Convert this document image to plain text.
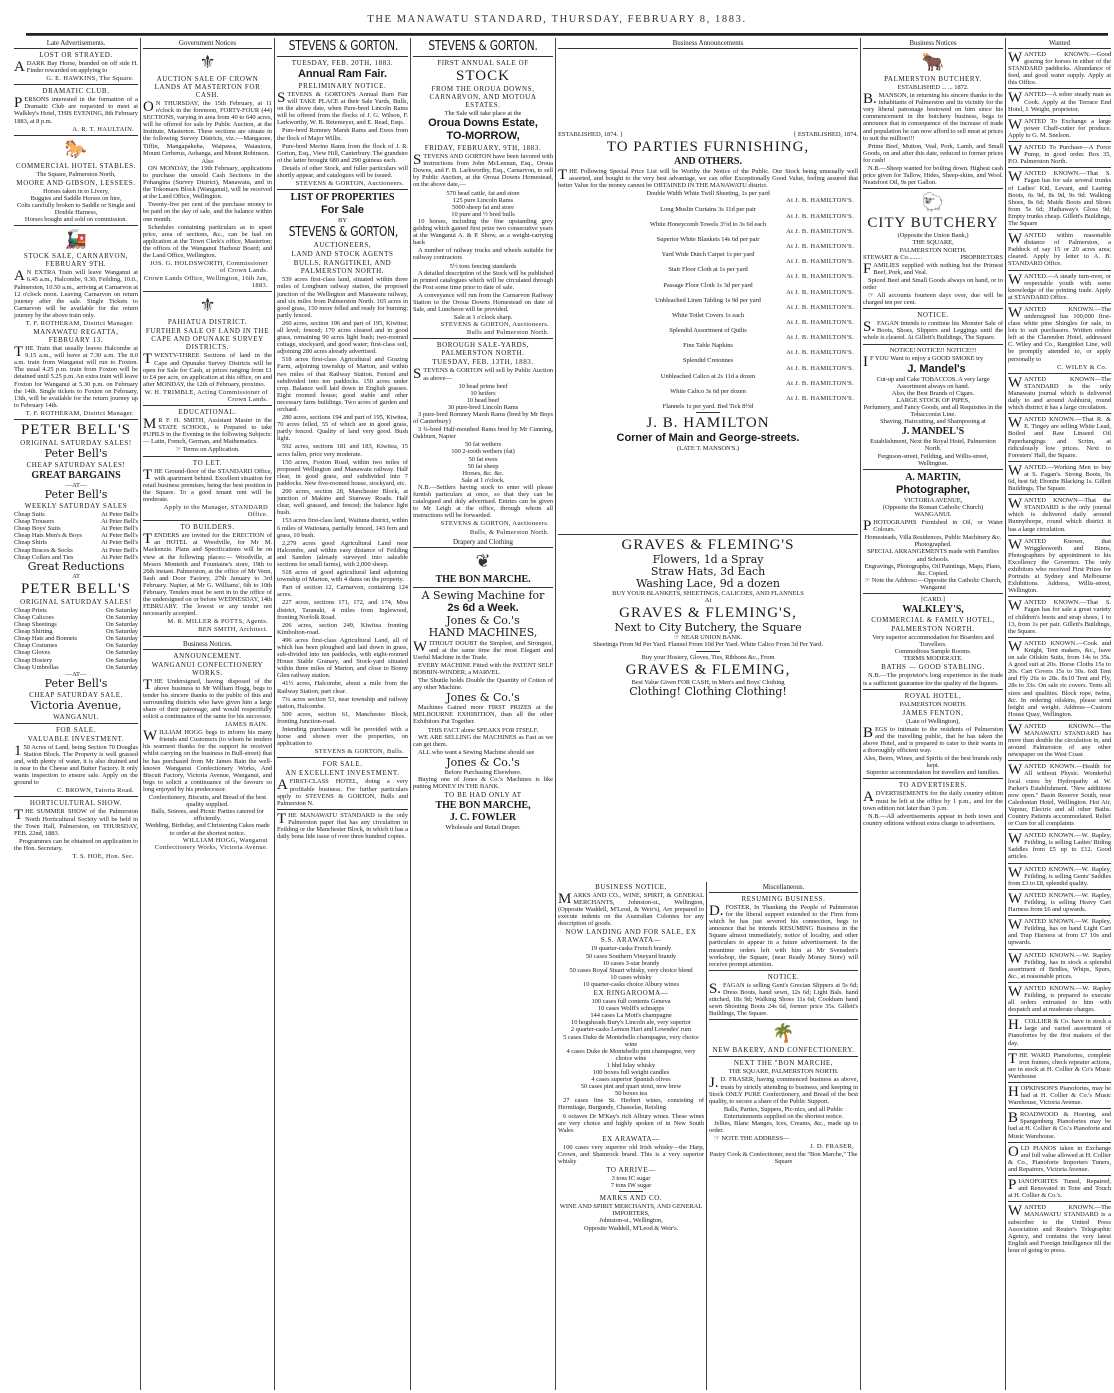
THE MANAWATU STANDARD, THURSDAY, FEBRUARY 8, 1883.
Late Advertisements.
LOST OR STRAYED.
ADARK Bay Horse, branded on off side H. Finder rewarded on applying to
G. E. HAWKINS, The Square.
DRAMATIC CLUB.
PERSONS interested in the formation of a Dramatic Club are requested to meet at Walkley's Hotel, THIS EVENING, 8th February 1883, at 8 p.m.
A. R. T. HAULTAIN.
🐎
COMMERCIAL HOTEL STABLES.
The Square, Palmerston North,
MOORE AND GIBSON, LESSEES.
Horses taken in to Livery,
Buggies and Saddle Horses on hire,
Colts carefully broken to Saddle or Single and Double Harness,
Horses bought and sold on commission.
🚂
STOCK SALE, CARNARVON, FEBRUARY 9TH.
AN EXTRA Train will leave Wanganui at 6.45 a.m., Halcombe, 9.30, Feilding, 10.0., Palmerston, 10.50 a.m., arriving at Carnarvon at 12 o'clock noon. Leaving Carnarvon on return journey after the sale. Single Tickets to Carnarvon will be available for the return journey by the above train only.
T. F. ROTHERAM, District Manager.
MANAWATU REGATTA, FEBRUARY 13.
THE Train that usually leaves Halcombe at 9.15 a.m., will leave at 7.30 a.m. The 8.0 a.m. train from Wanganui will run to Foxton. The usual 4.25 p.m. train from Foxton will be detained until 5.25 p.m. An extra train will leave Foxton for Wanganui at 5.30 p.m. on February the 14th. Single tickets to Foxton on February, 13th, will be available for the return journey up to February 14th.
T. F. ROTHERAM, District Manager.
PETER BELL'S
ORIGINAL SATURDAY SALES!
Peter Bell's
CHEAP SATURDAY SALES!
GREAT BARGAINS
—AT—
Peter Bell's
WEEKLY SATURDAY SALES
Cheap Suits	At Peter Bell's
Cheap Trousers	At Peter Bell's
Cheap Boys' Suits	At Peter Bell's
Cheap Hats Men's & Boys	At Peter Bell's
Cheap Shirts	At Peter Bell's
Cheap Braces & Socks	At Peter Bell's
Cheap Collars and Ties	At Peter Bell's
Great Reductions
AT
PETER BELL'S
ORIGINAL SATURDAY SALES!
Cheap Prints	On Saturday
Cheap Calicoes	On Saturday
Cheap Sheetings	On Saturday
Cheap Shirting	On Saturday
Cheap Hats and Bonnets	On Saturday
Cheap Costumes	On Saturday
Cheap Gloves	On Saturday
Cheap Hosiery	On Saturday
Cheap Umbrellas	On Saturday
—AT—
Peter Bell's
CHEAP SATURDAY SALE.
Victoria Avenue,
WANGANUI.
FOR SALE.
VALUABLE INVESTMENT.
150 Acres of Land, being Section 70 Douglas Station Block. The Property is well grassed and, with plenty of water, it is also drained and is near to the Cheese and Butter Factory. It only wants inspection to ensure sale. Apply on the ground to
C. BROWN, Taioria Road.
HORTICULTURAL SHOW.
THE SUMMER SHOW of the Palmerston North Horticultural Society will be held in the Town Hall, Palmerston, on THURSDAY, FEB. 22nd, 1883.
Programmes can be obtained on application to the Hon. Secretary.
T. S. HOE, Hon. Sec.
Government Notices
⚜
AUCTION SALE OF CROWN LANDS AT MASTERTON FOR CASH.
ON THURSDAY, the 15th February, at 11 o'clock in the forenoon, FORTY-FOUR (44) SECTIONS, varying in area from 40 to 640 acres, will be offered for sale by Public Auction, at the Institute, Masterton. These sections are situate in the following Survey Districts, viz.:—Mangaone, Tiffin, Mangapakeha, Waipawa, Waiauiora, Mount Cerberus, Aohanga, and Mount Robinson.
Also
ON MONDAY, the 19th February, applications to purchase the unsold Cash Sections in the Pohangina (Survey District), Manawatu, and in the Tokomaru Block (Wanganui), will be received at the Land Office, Wellington.
Twenty-five per cent of the purchase money to be paid on the day of sale, and the balance within one month.
Schedules containing particulars as to upset price, area of sections, &c., can be had on application at the Town Clerk's office, Masterton; the offices of the Wanganui Harbour Board; and the Land Office, Wellington.
JOS. G. HOLDSWORTH, Commissioner of Crown Lands.
Crown Lands Office, Wellington, 16th Jan, 1883.
⚜
PAHIATUA DISTRICT.
FURTHER SALE OF LAND IN THE CAPE AND OPUNAKE SURVEY DISTRICTS.
TWENTY-THREE Sections of land in the Cape and Opunake Survey Districts will be open for Sale for Cash, at prices ranging from £1 to £4 per acre, on application at this office, on and after MONDAY, the 12th of February, proximo.
W. H. TRIMBLE, Acting Commissioner of Crown Lands.
EDUCATIONAL.
MR F. H. SMITH, Assistant Master in the STATE SCHOOL, is Prepared to take PUPILS in the Evening in the following Subjects:— Latin, French, German, and Mathematics.
☞ Terms on Application.
TO LET.
THE Ground-floor of the STANDARD Office, with apartment behind. Excellent situation for retail business premises, being the best position in the Square. To a good tenant rent will be moderate.
Apply to the Manager, STANDARD Office.
TO BUILDERS.
TENDERS are invited for the ERECTION of an HOTEL at Woodville, for Mr M. Mackenzie. Plans and Specifications will be on view at the following places:— Woodville, at Messrs Monteith and Fountaine's store, 19th to 26th instant. Palmerston, at the office of Mr Venn, Sash and Door Factory, 27th January to 3rd February. Napier, at Mr G. Williams', 6th to 10th February. Tenders must be sent in to the office of the undersigned on or before WEDNESDAY, 14th FEBRUARY. The lowest or any tender not necessarily accepted.
M. R. MILLER & POTTS, Agents.
BEN SMITH, Architect.
Business Notices.
ANNOUNCEMENT.
WANGANUI CONFECTIONERY WORKS.
THE Undersigned, having disposed of the above business to Mr William Hogg, begs to tender his sincere thanks to the public of this and surrounding districts who have given him a large share of their patronage, and would respectfully solicit a continuance of the same for his successor.
JAMES BAIN.
WILLIAM HOGG begs to inform his many friends and Customers (to whom he tenders his warmest thanks for the support he received whilst carrying on the business in Bull-street) that he has purchased from Mr James Bain the well-known Wanganui Confectionery Works, And Biscuit Factory, Victoria Avenue, Wanganui, and begs to solicit a continuance of the favours so long enjoyed by his predecessor.
Confectionery, Biscuits, and Bread of the best quality supplied.
Balls, Soirees, and Picnic Parties catered for efficiently.
Wedding, Birthday, and Christening Cakes made to order at the shortest notice.
WILLIAM HOGG, Wanganui Confectionery Works, Victoria Avenue.
STEVENS & GORTON.
TUESDAY, FEB. 20TH, 1883.
Annual Ram Fair.
PRELIMINARY NOTICE.
STEVENS & GORTON'S Annual Ram Fair will TAKE PLACE at their Sale Yards, Bulls, on the above date, when Pure-bred Lincoln Rams will be offered from the flocks of J. G. Wilson, F. Larkworthy, W. B. Retemeyer, and E. Read, Esqs.
Pure-bred Romney Marsh Rams and Ewes from the flock of Major Willis.
Pure-bred Merino Rams from the flock of J. R. Gorton, Esq., View Hill, Canterbury. The grandsire of the latter brought 680 and 290 guineas each.
Details of other Stock, and fuller particulars will shortly appear, and catalogues will be issued.
STEVENS & GORTON, Auctioneers.
LIST OF PROPERTIES
For Sale
BY
STEVENS & GORTON,
AUCTIONEERS,
LAND AND STOCK AGENTS
BULLS, RANGITIKEI, AND PALMERSTON NORTH.
539 acres first-class land, situated within three miles of Longburn railway station, the proposed junction of the Wellington and Manawatu railway, and six miles from Palmerston North. 165 acres in good grass, 150 more felled and ready for burning; partly fenced.
260 acres, section 196 and part of 195, Kiwitea; all level; fenced; 170 acres cleared and in good grass, remaining 90 acres light bush; two-roomed cottage, stockyard, and good water; first-class soil, adjoining 280 acres already advertised.
518 acres first-class Agricultural and Grazing Farm, adjoining township of Marton, and within two miles of that Railway Station. Fenced and subdivided into ten paddocks. 150 acres under crop. Balance well laid down in English grasses. Eight roomed house; good stable and other necessary farm buildings. Two acres of garden and orchard.
280 acres, sections 194 and part of 195, Kiwitea, 70 acres felled, 55 of which are in good grass, partly fenced. Quality of land very good. Bush light.
592 acres, sections 181 and 183, Kiwitea, 15 acres fallen, price very moderate.
150 acres, Foxton Road, within two miles of proposed Wellington and Manawatu railway. Half clear, in good grass, and subdivided into 7 paddocks. New five-roomed house, stockyard, etc.
200 acres, section 28, Manchester Block, at junction of Makino and Stanway Roads. Half clear, well grassed, and fenced; the balance light bush.
153 acres first-class land, Waituna district, within 6 miles of Waitotara, partially fenced, 143 fern and grass, 10 bush.
2,279 acres good Agricultural Land near Halcombe, and within easy distance of Feilding and Sandon (already surveyed into saleable sections for small farms), with 2,000 sheep.
518 acres of good agricultural land adjoining township of Marton, with 4 dams on the property.
Part of section 12, Carnarvon, containing 124 acres.
227 acres, sections 171, 172, and 174, Moa district, Taranaki, 4 miles from Inglewood, fronting Norfolk Road.
206 acres, section 249, Kiwitea fronting Kimbolton-road.
496 acres first-class Agricultural Land, all of which has been ploughed and laid down in grass, sub-divided into ten paddocks, with eight-roomed House Stable Granary, and Stock-yard situated within three miles of Marton, and close to Bonny Glen railway station.
41½ acres, Halcombe, about a mile from the Railway Station, part clear.
7¼ acres section 53, near township and railway station, Halcombe.
500 acres, section 61, Manchester Block, fronting Junction-road.
Intending purchasers will be provided with a horse and shown over the properties, on application to
STEVENS & GORTON, Bulls.
FOR SALE.
AN EXCELLENT INVESTMENT.
AFIRST-CLASS HOTEL, doing a very profitable business. For further particulars apply to STEVENS & GORTON, Bulls and Palmerston N.
THE MANAWATU STANDARD is the only Palmerston paper that has any circulation in Feilding or the Manchester Block, in which it has a daily bona fide issue of over three hundred copies.
STEVENS & GORTON.
FIRST ANNUAL SALE OF
STOCK
FROM THE OROUA DOWNS, CARNARVON, AND MOTOUA ESTATES.
The Sale will take place at the
Oroua Downs Estate,
TO-MORROW,
FRIDAY, FEBRUARY, 9TH, 1883.
STEVENS AND GORTON have been favored with instructions from John McLennan, Esq., Oroua Downs, and F. B. Larkworthy, Esq., Carnarvon, to sell by Public Auction, at the Oroua Downs Homestead, on the above date,—
570 head cattle, fat and store
125 pure Lincoln Rams
5000 sheep fat and store
10 pure and ½ bred bulls
10 horses, including the fine upstanding grey gelding which gained first prize two consecutive years at the Wanganui A. & P. Show, as a weight-carrying hack
A number of railway trucks and wheels suitable for railway contractors
5½ tons fencing standards
A detailed description of the Stock will be published in printed catalogues which will be circulated through the Post some time prior to date of sale.
A conveyance will run from the Carnarvon Railway Station to the Oroua Downs Homestead on date of Sale, and Luncheon will be provided.
Sale at 1 o'clock sharp.
STEVENS & GORTON, Auctioneers.
Bulls and Palmerston North.
BOROUGH SALE-YARDS, PALMERSTON NORTH.
TUESDAY, FEB. 13TH, 1883.
STEVENS & GORTON will sell by Public Auction as above—
10 head prime beef
10 heifers
10 head beef
30 pure-bred Lincoln Rams
3 pure-bred Romney Marsh Rams (bred by Mr Boys of Canterbury)
3 ¾-bred Half-mouthed Rams bred by Mr Cunning, Oakburn, Napier
50 fat wethers
100 2-tooth wethers (fat)
50 fat ewes
50 fat sheep
Horses, &c. &c.
Sale at 1 o'clock.
N.B.—Settlers having stock to enter will please furnish particulars at once, so that they can be catalogued and duly advertised. Entries can be given to Mr Leigh at the office, through whom all instructions will be forwarded.
STEVENS & GORTON, Auctioneers.
Bulls, & Palmerston North.
Drapery and Clothing
❦
THE BON MARCHE.
A Sewing Machine for
2s 6d a Week.
Jones & Co.'s
HAND MACHINES,
WITHOUT DOUBT the Simplest, and Strongest, and at the same time the most Elegant and Useful Machine in the Trade.
EVERY MACHINE Fitted with the PATENT SELF BOBBIN-WINDER, a MARVEL.
The Shuttle holds Double the Quantity of Cotton of any other Machine.
Jones & Co.'s
Machines Gained more FIRST PRIZES at the MELBOURNE EXHIBITION, than all the other Exhibitors Put Together.
THIS FACT alone SPEAKS FOR ITSELF.
WE ARE SELLING the MACHINES as Fast as we can get them.
ALL who want a Sewing Machine should see
Jones & Co.'s
Before Purchasing Elsewhere.
Buying one of Jones & Co.'s Machines is like putting MONEY IN THE BANK.
TO BE HAD ONLY AT
THE BON MARCHE,
J. C. FOWLER
Wholesale and Retail Draper.
Business Announcements
ESTABLISHED, 1874. }	{ ESTABLISHED, 1874.
TO PARTIES FURNISHING,
AND OTHERS.
THE Following Special Price List will be Worthy the Notice of the Public. Our Stock being unusually well assorted, and bought to the very best advantage, we can offer Exceptionally Good Value, feeling assured that better Value for the money cannot be OBTAINED IN THE MANAWATU district.
Double Width White Twill Sheeting, 1s per yard
At J. B. HAMILTON'S.
Long Muslin Curtains 3s 11d per pair
At J. B. HAMILTON'S.
White Honeycomb Towels 3½d to 3s 6d each
At J. B. HAMILTON'S.
Superior White Blankets 14s 6d per pair
At J. B. HAMILTON'S.
Yard Wide Dutch Carpet 1s per yard
At J. B. HAMILTON'S.
Stair Floor Cloth at 1s per yard
At J. B. HAMILTON'S.
Passage Floor Cloth 1s 3d per yard
At J. B. HAMILTON'S.
Unbleached Linen Tabling 1s 9d per yard
At J. B. HAMILTON'S.
White Toilet Covers 1s each
At J. B. HAMILTON'S.
Splendid Assortment of Quilts
At J. B. HAMILTON'S.
Fine Table Napkins
At J. B. HAMILTON'S.
Splendid Cretonnes
At J. B. HAMILTON'S.
Unbleached Calico at 2s 11d a dozen
At J. B. HAMILTON'S.
White Calico 3s 6d per dozen
At J. B. HAMILTON'S.
Flannels 1s per yard. Bed Tick 8½d
J. B. HAMILTON
Corner of Main and George-streets.
(LATE T. MANSON'S.)
GRAVES & FLEMING'S
Flowers, 1d a Spray
Straw Hats, 3d Each
Washing Lace, 9d a dozen
BUY YOUR BLANKETS, SHEETINGS, CALICOES, AND FLANNELS
At
GRAVES & FLEMING'S,
Next to City Butchery, the Square
☞ NEAR UNION BANK.
Sheetings From 9d Per Yard. Flannel From 10d Per Yard. White Calico From 3d Per Yard.
Buy your Hosiery, Gloves, Ties, Ribbons &c., From
GRAVES & FLEMING,
Best Value Given FOR CASH, in Men's and Boys' Clothing
Clothing! Clothing Clothing!
BUSINESS NOTICE,
MARKS AND CO., WINE, SPIRIT, & GENERAL MERCHANTS, Johnston-st., Wellington, (Opposite Waddell, M'Leod, & Weir's), Are prepared to execute indents on the Australian Colonies for any description of goods.
NOW LANDING AND FOR SALE, EX S.S. ARAWATA—
19 quarter-casks French brandy
50 cases Southern Vineyard brandy
10 cases 3-star brandy
50 cases Royal Stuart whisky, very choice blend
10 cases whisky
10 quarter-casks choice Albury wines
EX RINGAROOMA—
100 cases full contents Geneva
10 cases Wolff's schnapps
144 cases La Mott's champagne
10 hogsheads Bury's Lincoln ale, very superior
2 quarter-casks Lemon Hart and Lowndes' rum
5 cases Duke de Montebello champagne, very choice wine
4 cases Duke de Montebello pint champagne, very choice wine
1 hhd Islay whisky
100 boxes full weight candles
4 cases superior Spanish olives
50 cases pint and quart stout, new brew
50 boxes tea
27 cases fine St. Herbert wines, consisting of Hermitage, Burgundy, Chasselas, Reisling
6 octaves Dr M'Kay's rich Albury wines. These wines are very choice and highly spoken of in New South Wales
EX ARAWATA—
100 cases very superior old Irish whisky—the Harp, Crown, and Shamrock brand. This is a very superior whisky
TO ARRIVE—
3 tons IC sugar
7 tons IW sugar
MARKS AND CO.
WINE AND SPIRIT MERCHANTS, AND GENERAL IMPORTERS,
Johnston-st., Wellington,
Opposite Waddell, M'Leod & Weir's.
Miscellaneous.
RESUMING BUSINESS.
D.FOSTER, In Thanking the People of Palmerston for the liberal support extended to the Firm from which he has just severed his connection, begs to announce that he intends RESUMING Business in the Square almost immediately, notice of locality, and other particulars to appear in a future advertisement. In the meantime orders left with him at Mr Svensden's workshop, the Square, (near Ready Money Store) will receive prompt attention.
NOTICE.
S.FAGAN is selling Gent's Grecian Slippers at 5s 6d; Dress Boots, hand sewn, 12s 6d; Light Bals. hand stitched, 18s 9d; Walking Shoes 11s 6d; Cookham hand sewn Shooting Boots 24s 6d, former price 35s. Gillett's Buildings, The Square.
🌴
NEW BAKERY, AND CONFECTIONERY.
NEXT THE "BON MARCHE,
THE SQUARE, PALMERSTON NORTH.
J.D. FRASER, having commenced business as above, trusts by strictly attending to business, and keeping in Stock ONLY PURE Confectionery, and Bread of the best quality, to secure a share of the Public Support.
Balls, Parties, Suppers, Pic-nics, and all Public Entertainments supplied on the shortest notice.
Jellies, Blanc Manges, Ices, Creams, &c., made up to order.
☞ NOTE THE ADDRESS—
J. D. FRASER,
Pastry Cook & Confectioner, next the "Bon Marche," The Square
Business Notices
🐂
PALMERSTON BUTCHERY.
ESTABLISHED ... ... 1872.
B.MANSON, in returning his sincere thanks to the inhabitants of Palmerston and its vicinity for the very liberal patronage bestowed on him since his commencement in the butchery business, begs to announce that in consequence of the increase of trade and population he can now afford to sell meat at prices to suit the million!!!
Prime Beef, Mutton, Veal, Pork, Lamb, and Small Goods, on and after this date, reduced to former prices for cash!
N.B.—Sheep wanted for boiling down. Highest cash price given for Tallow, Hides, Sheep-skins, and Wool. Neatsfoot Oil, 9s per Gallon.
🐑
CITY BUTCHERY
(Opposite the Union Bank,)
THE SQUARE,
PALMERSTON NORTH.
STEWART & Co.........	PROPRIETORS
FAMILIES supplied with nothing but the Primest Beef, Pork, and Veal.
Spiced Beef and Small Goods always on hand, or to order
☞ All accounts fourteen days over, due will be charged ten per cent.
NOTICE.
S.FAGAN intends to continue his Monster Sale of Boots, Shoes, Slippers and Leggings until the whole is cleared. At Gillett's Buildings, The Square.
NOTICE! NOTICE!! NOTICE!!!
IF YOU Want to enjoy a GOOD SMOKE try
J. Mandel's
Cut-up and Cake TOBACCOS. A very large Assortment always on hand.
Also, the Best Brands of Cigars.
LARGE STOCK OF PIPES,
Perfumery, and Fancy Goods, and all Requisites in the Tobacconist Line.
Shaving, Haircutting, and Shampooing at
J. MANDEL'S
Establishment, Next the Royal Hotel, Palmerston North.
Ferguson-street, Feilding, and Willis-street, Wellington.
A. MARTIN,
Photographer,
VICTORIA AVENUE,
(Opposite the Roman Catholic Church)
WANGANUI.
PHOTOGRAPHS Furnished in Oil, or Water Colours.
Homesteads, Villa Residences, Public Machinery &c. Photographed.
SPECIAL ARRANGEMENTS made with Families and Schools.
Engravings, Photographs, Oil Paintings, Maps, Plans, &c. Copied.
☞ Note the Address:—Opposite the Catholic Church, Wanganui
[CARD.]
WALKLEY'S,
COMMERCIAL & FAMILY HOTEL,
PALMERSTON NORTH.
Very superior accommodation for Boarders and Travellers.
Commodious Sample Rooms.
TERMS MODERATE.
BATHS — GOOD STABLING.
N.B.—The proprietor's long experience in the trade is a sufficient guarantee for the quality of the liquors.
ROYAL HOTEL,
PALMERSTON NORTH.
JAMES FENTON,
(Late of Wellington),
BEGS to intimate to the residents of Palmerston and the travelling public, that he has taken the above Hotel, and is prepared to cater to their wants in a thoroughly efficient way.
Ales, Beers, Wines, and Spirits of the best brands only kept.
Superior accommodation for travellers and families.
TO ADVERTISERS.
ADVERTISEMENTS for the daily country edition must be left at the office by 1 p.m., and for the town edition not later than 3 p.m.
N.B.—All advertisements appear in both town and country editions without extra charge to advertisers.
Wanted
WANTED KNOWN.—Good grazing for horses in either of the STANDARD paddocks. Abundance of feed, and good water supply. Apply at this Office.
WANTED—A sober steady man as Cook. Apply at the Terrace End Hotel, J. Weight, proprietor.
WANTED To Exchange a large power Chaff-cutter for produce. Apply to G. M. Snelson.
WANTED To Purchase—A Force Pump, in good order. Box 35, P.O. Palmerston North.
WANTED KNOWN.—That S. Fagan has for sale several trunks of Ladies' Kid, Levant, and Lasting Boots, 6s 9d, 8s 9d, 9s 9d. Walking Shoes, 8s 6d; Maids Boots and Shoes from 5s 6d; Hathaway's Gloss 9d; Empty trunks cheap. Gillett's Buildings, The Square
WANTED within reasonable distance of Palmerston, a Paddock of say 15 or 20 acres area; cleared. Apply by letter to A. B. STANDARD Office.
WANTED.—A steady turn-over, or respectable youth with some knowledge of the printing trade. Apply at STANDARD Office.
WANTED KNOWN.—The undersigned has 100,000 first-class white pine Shingles for sale, in lots to suit purchasers. Written orders left at the Clarendon Hotel, addressed C. Wiley and Co., Rangitikei Line, will be promptly attended to, or apply personally to
C. WILEY & Co.
WANTED KNOWN—The STANDARD is the only Manawatu journal which is delivered daily to and around Ashhurst, round which district it has a large circulation.
WANTED KNOWN.—That R. & E. Tingey are selling White Lead, Boiled and Raw Linseed Oil Paperhangings and Scrim, at ridiculously low prices. Next to Foresters' Hall, the Square.
WANTED.—Working Men to buy at S. Fagan's. Strong Boots, 9s 6d, best 6d; Ebonite Blacking 1s. Gillett Buildings, The Square.
WANTED KNOWN—That the STANDARD is the only journal which is delivered daily around Bunnythorpe, round which district it has a large circulation.
WANTED Known, that Wrigglesworth and Binns, Photographers by appointment to his Excellency the Governor. The only exhibitors who received First Prizes for Portraits at Sydney and Melbourne Exhibitions. Address, Willis-street, Wellington.
WANTED KNOWN.—That S. Fagan has for sale a great variety of children's boots and strap shoes, 1 to 13, from 1s per pair. Gillett's Buildings, the Square.
WANTED KNOWN.—Cook and Knight, Tent makers, &c., have on sale Oilskin Suits, from 14s to 35s. A good suit at 20s. Horse Cloths 15s to 20s. Cart Covers 15s to 30s. 6x8 Tent and Fly 26s to 28s. 8x10 Tent and Fly, 28s to 33s. On sale ric covers. Tents all sizes and qualities. Block rope, twine, &c. In ordering oilskins, please send height and weight. Address—Custom House Quay, Wellington.
WANTED KNOWN.—The MANAWATU STANDARD has more than double the circulation in, and around Palmerston of any other newspaper on the West Coast
WANTED KNOWN.—Health for All without Physic. Wonderful local cures by Hydropathy at W. Parker's Establishment. "New additions now open." Basin Reserve South, near Caledonian Hotel, Wellington. Hot Air, Vapour, Electric and all other Baths. Country Patients accommodated. Relief or Cure for all complaints
WANTED KNOWN.—W. Rapley, Feilding, is selling Ladies' Riding Saddles from £5 up to £12. Good articles.
WANTED KNOWN.—W. Rapley, Feilding, is selling Gents' Saddles from £3 to £8, splendid quality.
WANTED KNOWN.—W. Rapley, Feilding, is selling Heavy Cart Harness from £6 and upwards.
WANTED KNOWN.—W. Rapley, Feilding, has on hand Light Cart and Trap Harness at from £7 10s and upwards.
WANTED KNOWN.—W. Rapley Feilding, has in stock a splendid assortment of Bridles, Whips, Spurs, &c., at reasonable prices.
WANTED KNOWN.—W. Rapley Feilding, is prepared to execute all orders entrusted to him with despatch and at moderate charges.
H.COLLIER & Co. have in stock a large and varied assortment of Pianofortes by the first makers of the day.
THE WARD Pianofortes, complete iron frames, check repeater actions, are in stock at H. Collier & Co's Music Warehouse
HOPKINSON'S Pianofortes, may be had at H. Collier & Co.'s Music Warehouse, Victoria Avenue.
BROADWOOD & Hoering, and Spangenberg Pianofortes may be had at H. Collier & Co.'s Pianoforte and Music Warehouse.
OLD PIANOS taken in Exchange and full value allowed at H. Collier & Co., Pianoforte Importers Tuners, and Repairers, Victoria Avenue.
PIANOFORTES Tuned, Repaired, and Renovated in Tone and Touch at H. Collier & Co.'s.
WANTED KNOWN.—The MANAWATU STANDARD is a subscriber to the United Press Association and Reuter's Telegraphic Agency, and contains the very latest English and Foreign Intelligence till the hour of going to press.
